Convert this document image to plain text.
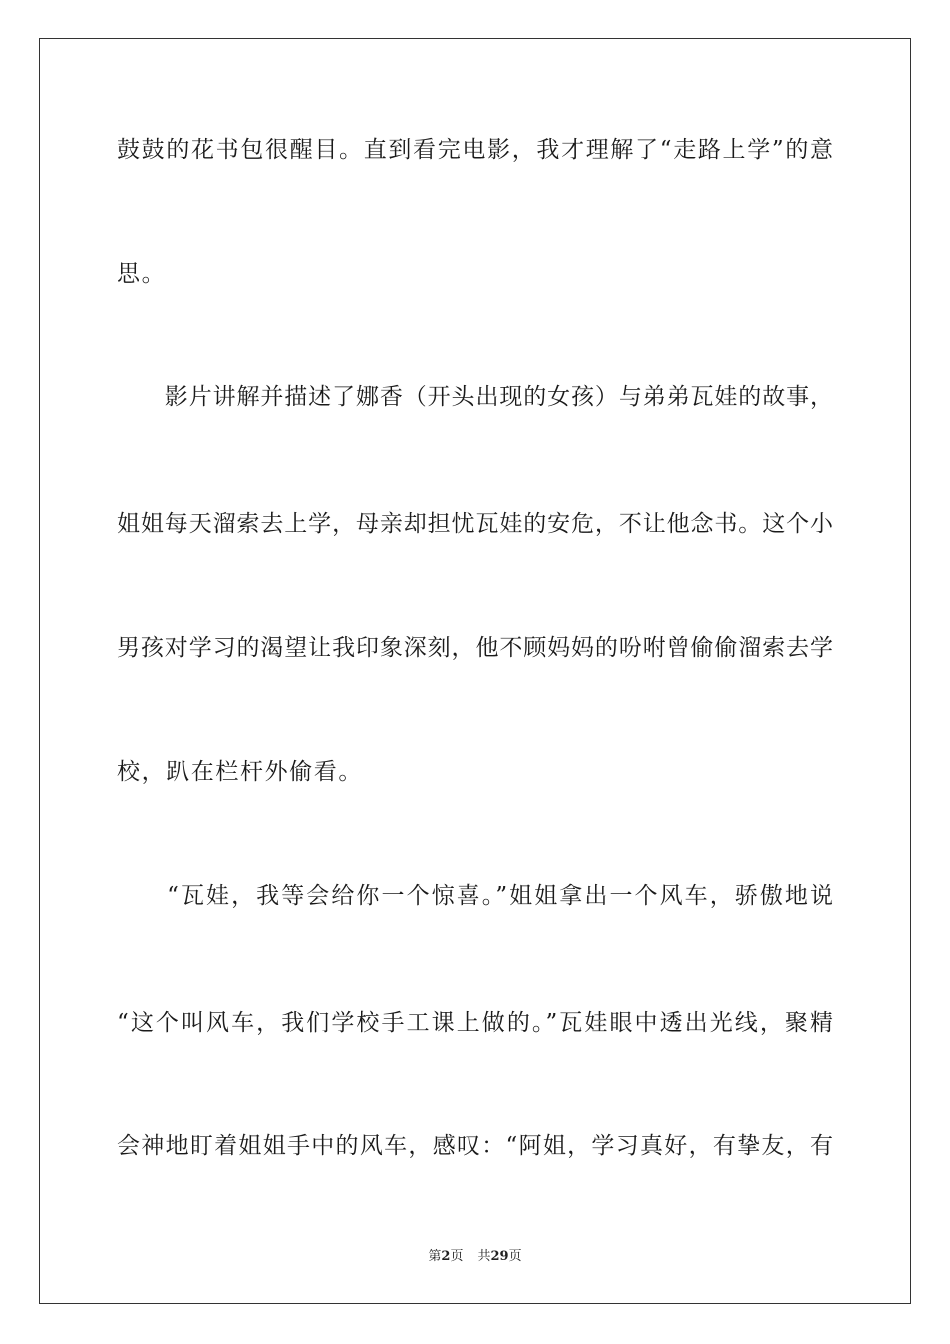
鼓鼓的花书包很醒目。直到看完电影，我才理解了“走路上学”的意
思。
　　影片讲解并描述了娜香（开头出现的女孩）与弟弟瓦娃的故事，
姐姐每天溜索去上学，母亲却担忧瓦娃的安危，不让他念书。这个小
男孩对学习的渴望让我印象深刻，他不顾妈妈的吩咐曾偷偷溜索去学
校，趴在栏杆外偷看。
　　“瓦娃，我等会给你一个惊喜。”姐姐拿出一个风车，骄傲地说
“这个叫风车，我们学校手工课上做的。”瓦娃眼中透出光线，聚精
会神地盯着姐姐手中的风车，感叹：“阿姐，学习真好，有挚友，有
第2页 共29页
